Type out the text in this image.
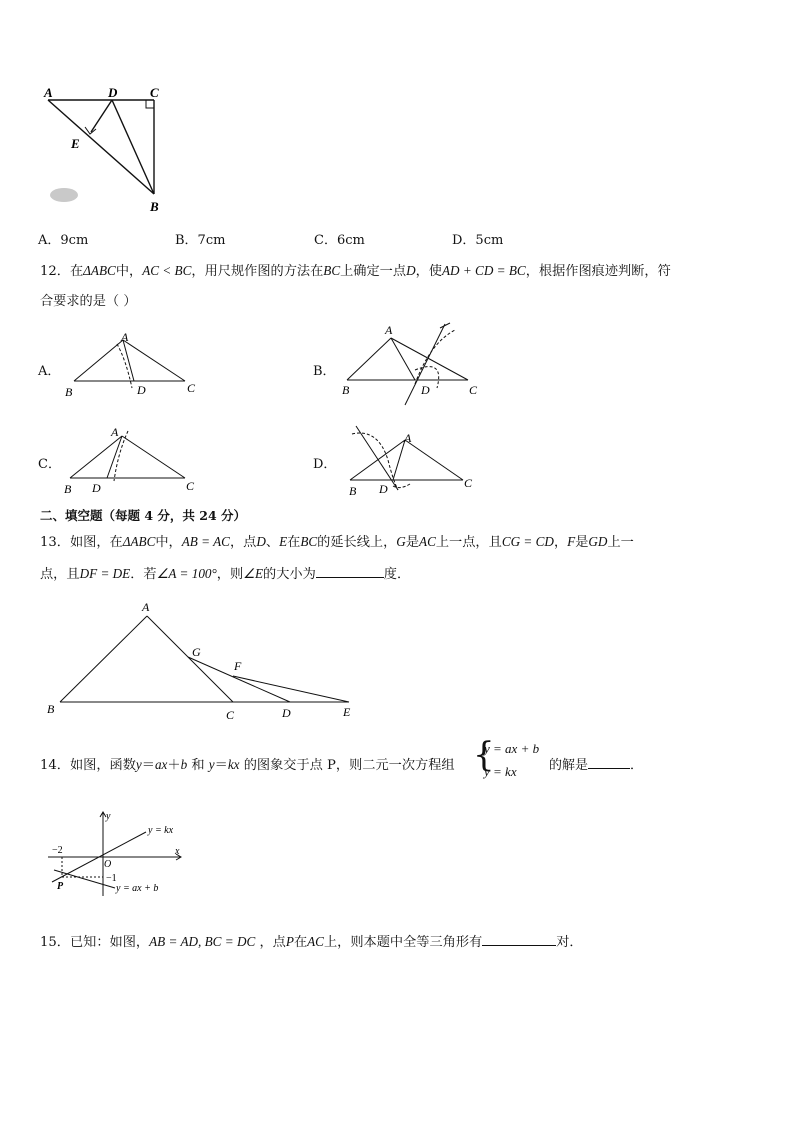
A	D	C
E
B
A．9cm	B．7cm	C．6cm	D．5cm
12．在ΔABC中，AC < BC，用尺规作图的方法在BC上确定一点D，使AD + CD = BC，根据作图痕迹判断，符
合要求的是（ ）
A．	B．
C．	D．
A
B	D	C
A
B	D	C
A
B D	C
A
B D	C
二、填空题（每题 4 分，共 24 分）
13．如图，在ΔABC中，AB = AC，点D、E在BC的延长线上，G是AC上一点，且CG = CD，F是GD上一
点，且DF = DE．若∠A = 100°，则∠E的大小为	度．
A
B	C	D	E
G
F
14．如图，函数y＝ax＋b 和 y＝kx 的图象交于点 P，则二元一次方程组 {
y = ax + b
y = kx 的解是	．
y
x
O
y = kx
y = ax + b
−2
−1
P
15．已知：如图，AB = AD, BC = DC ，点P在AC上，则本题中全等三角形有	对．
